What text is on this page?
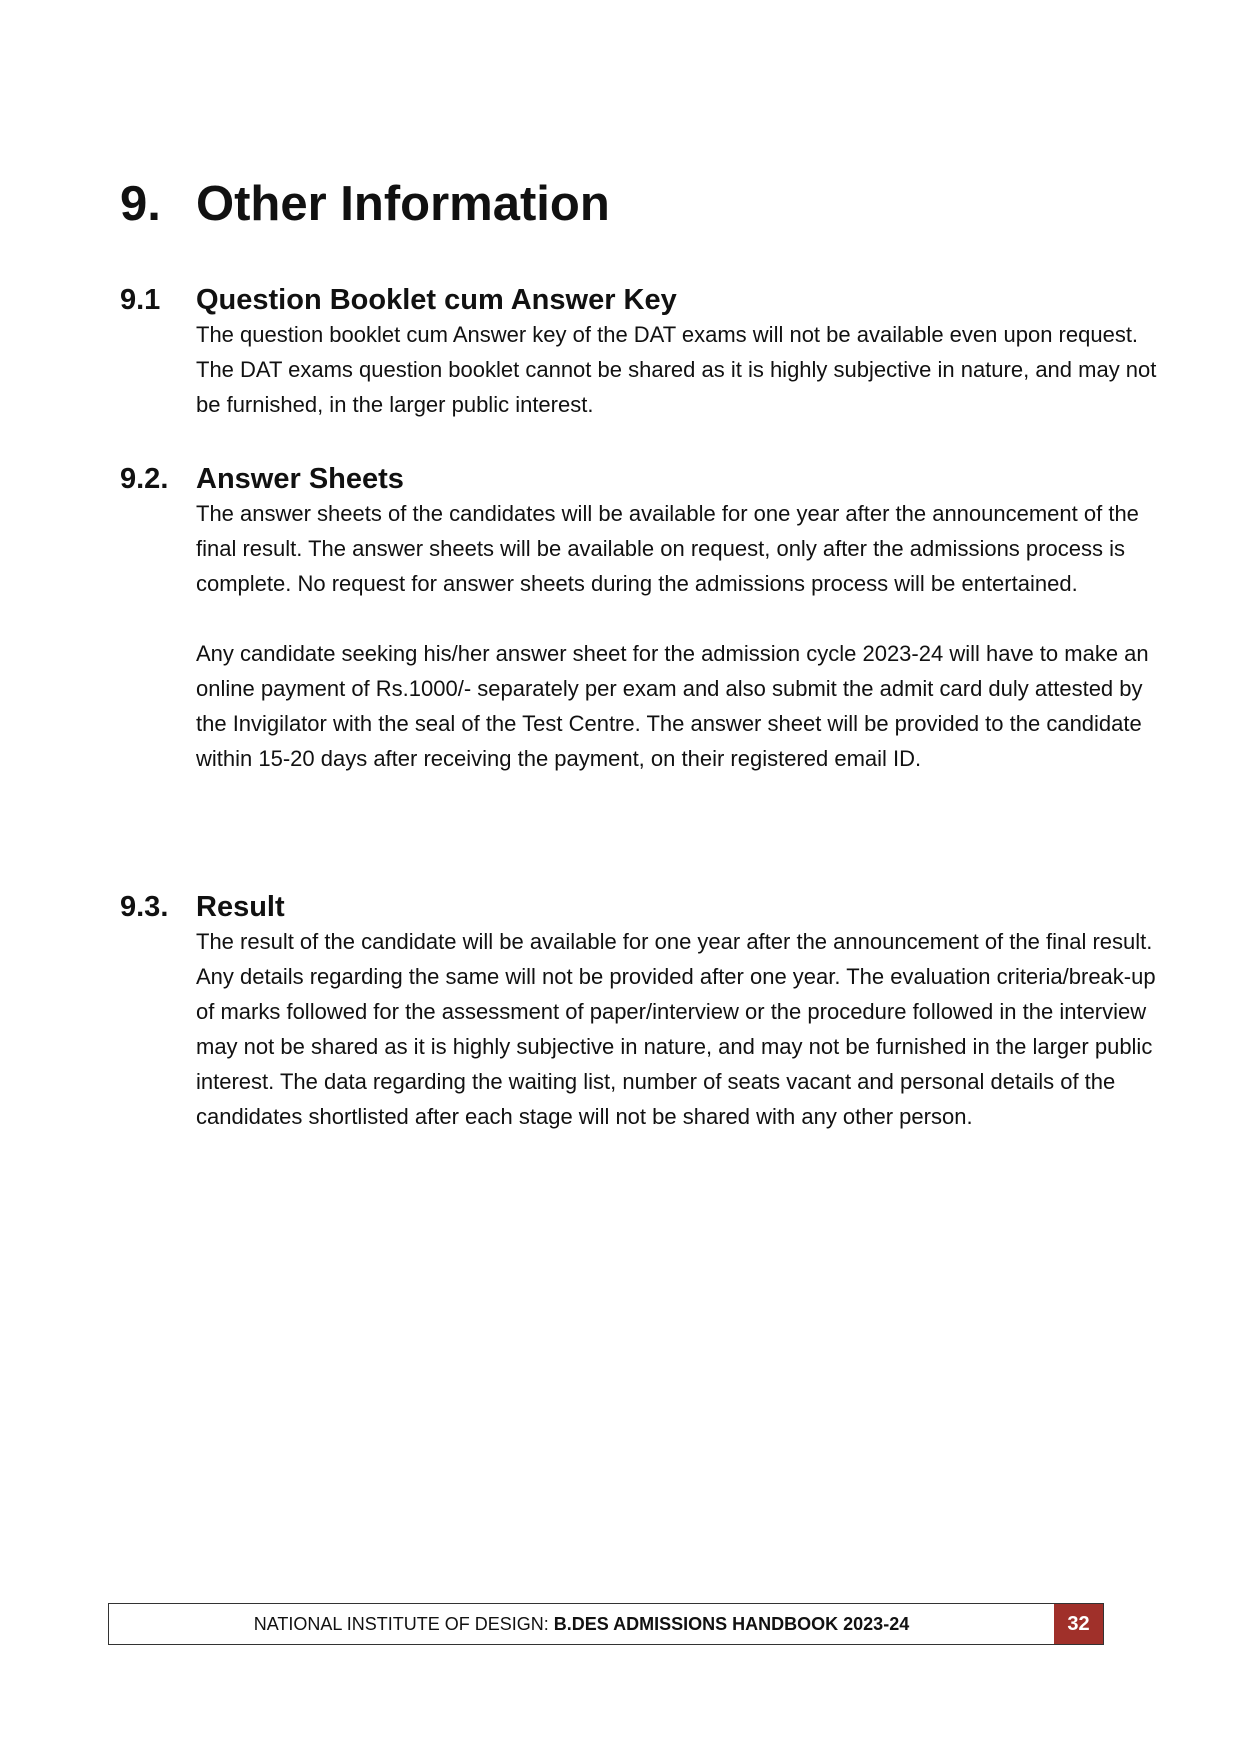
9. Other Information
9.1 Question Booklet cum Answer Key

The question booklet cum Answer key of the DAT exams will not be available even upon request. The DAT exams question booklet cannot be shared as it is highly subjective in nature, and may not be furnished, in the larger public interest.

9.2. Answer Sheets

The answer sheets of the candidates will be available for one year after the announcement of the final result. The answer sheets will be available on request, only after the admissions process is complete. No request for answer sheets during the admissions process will be entertained.

Any candidate seeking his/her answer sheet for the admission cycle 2023-24 will have to make an online payment of Rs.1000/- separately per exam and also submit the admit card duly attested by the Invigilator with the seal of the Test Centre. The answer sheet will be provided to the candidate within 15-20 days after receiving the payment, on their registered email ID.

9.3. Result

The result of the candidate will be available for one year after the announcement of the final result. Any details regarding the same will not be provided after one year. The evaluation criteria/break-up of marks followed for the assessment of paper/interview or the procedure followed in the interview may not be shared as it is highly subjective in nature, and may not be furnished in the larger public interest. The data regarding the waiting list, number of seats vacant and personal details of the candidates shortlisted after each stage will not be shared with any other person.

NATIONAL INSTITUTE OF DESIGN: B.DES ADMISSIONS HANDBOOK 2023-24	32
